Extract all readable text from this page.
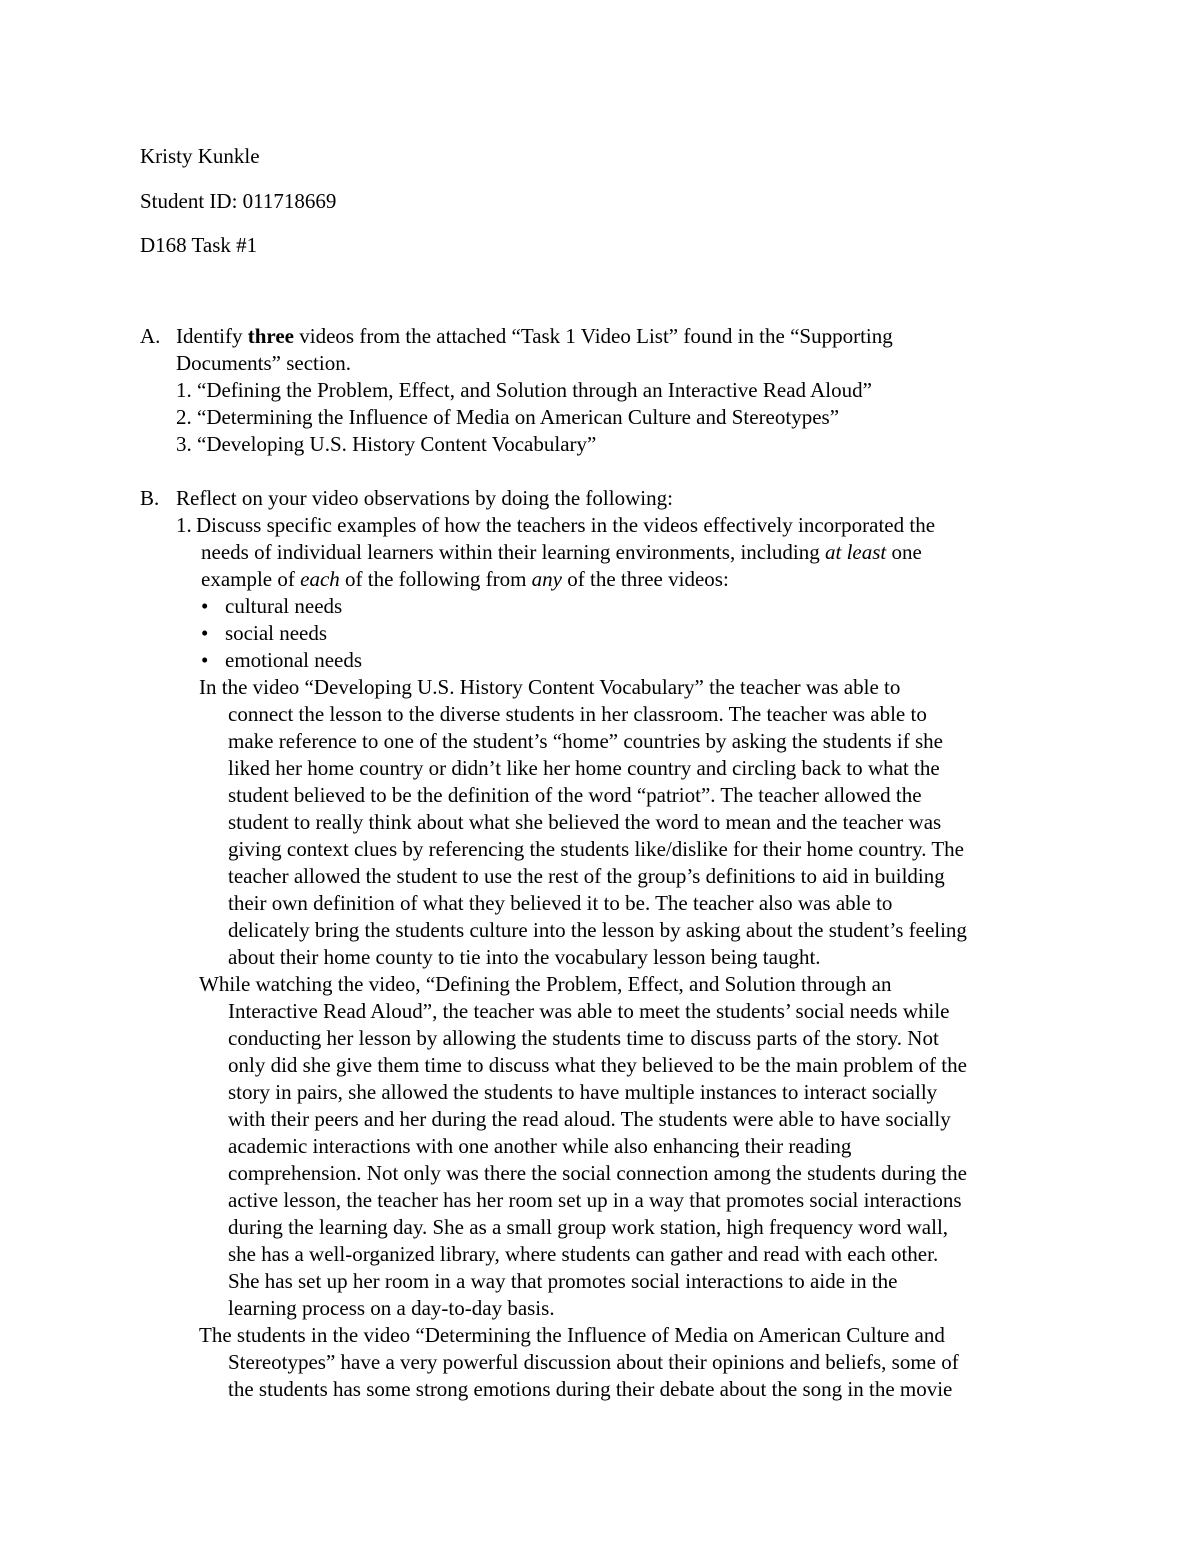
Kristy Kunkle
Student ID: 011718669
D168 Task #1
A. Identify three videos from the attached “Task 1 Video List” found in the “Supporting
Documents” section.
1. “Defining the Problem, Effect, and Solution through an Interactive Read Aloud”
2. “Determining the Influence of Media on American Culture and Stereotypes”
3. “Developing U.S. History Content Vocabulary”
B. Reflect on your video observations by doing the following:
1. Discuss specific examples of how the teachers in the videos effectively incorporated the
needs of individual learners within their learning environments, including at least one
example of each of the following from any of the three videos:
• cultural needs
• social needs
• emotional needs
In the video “Developing U.S. History Content Vocabulary” the teacher was able to
connect the lesson to the diverse students in her classroom. The teacher was able to
make reference to one of the student’s “home” countries by asking the students if she
liked her home country or didn’t like her home country and circling back to what the
student believed to be the definition of the word “patriot”. The teacher allowed the
student to really think about what she believed the word to mean and the teacher was
giving context clues by referencing the students like/dislike for their home country. The
teacher allowed the student to use the rest of the group’s definitions to aid in building
their own definition of what they believed it to be. The teacher also was able to
delicately bring the students culture into the lesson by asking about the student’s feeling
about their home county to tie into the vocabulary lesson being taught.
While watching the video, “Defining the Problem, Effect, and Solution through an
Interactive Read Aloud”, the teacher was able to meet the students’ social needs while
conducting her lesson by allowing the students time to discuss parts of the story. Not
only did she give them time to discuss what they believed to be the main problem of the
story in pairs, she allowed the students to have multiple instances to interact socially
with their peers and her during the read aloud. The students were able to have socially
academic interactions with one another while also enhancing their reading
comprehension. Not only was there the social connection among the students during the
active lesson, the teacher has her room set up in a way that promotes social interactions
during the learning day. She as a small group work station, high frequency word wall,
she has a well-organized library, where students can gather and read with each other.
She has set up her room in a way that promotes social interactions to aide in the
learning process on a day-to-day basis.
The students in the video “Determining the Influence of Media on American Culture and
Stereotypes” have a very powerful discussion about their opinions and beliefs, some of
the students has some strong emotions during their debate about the song in the movie
